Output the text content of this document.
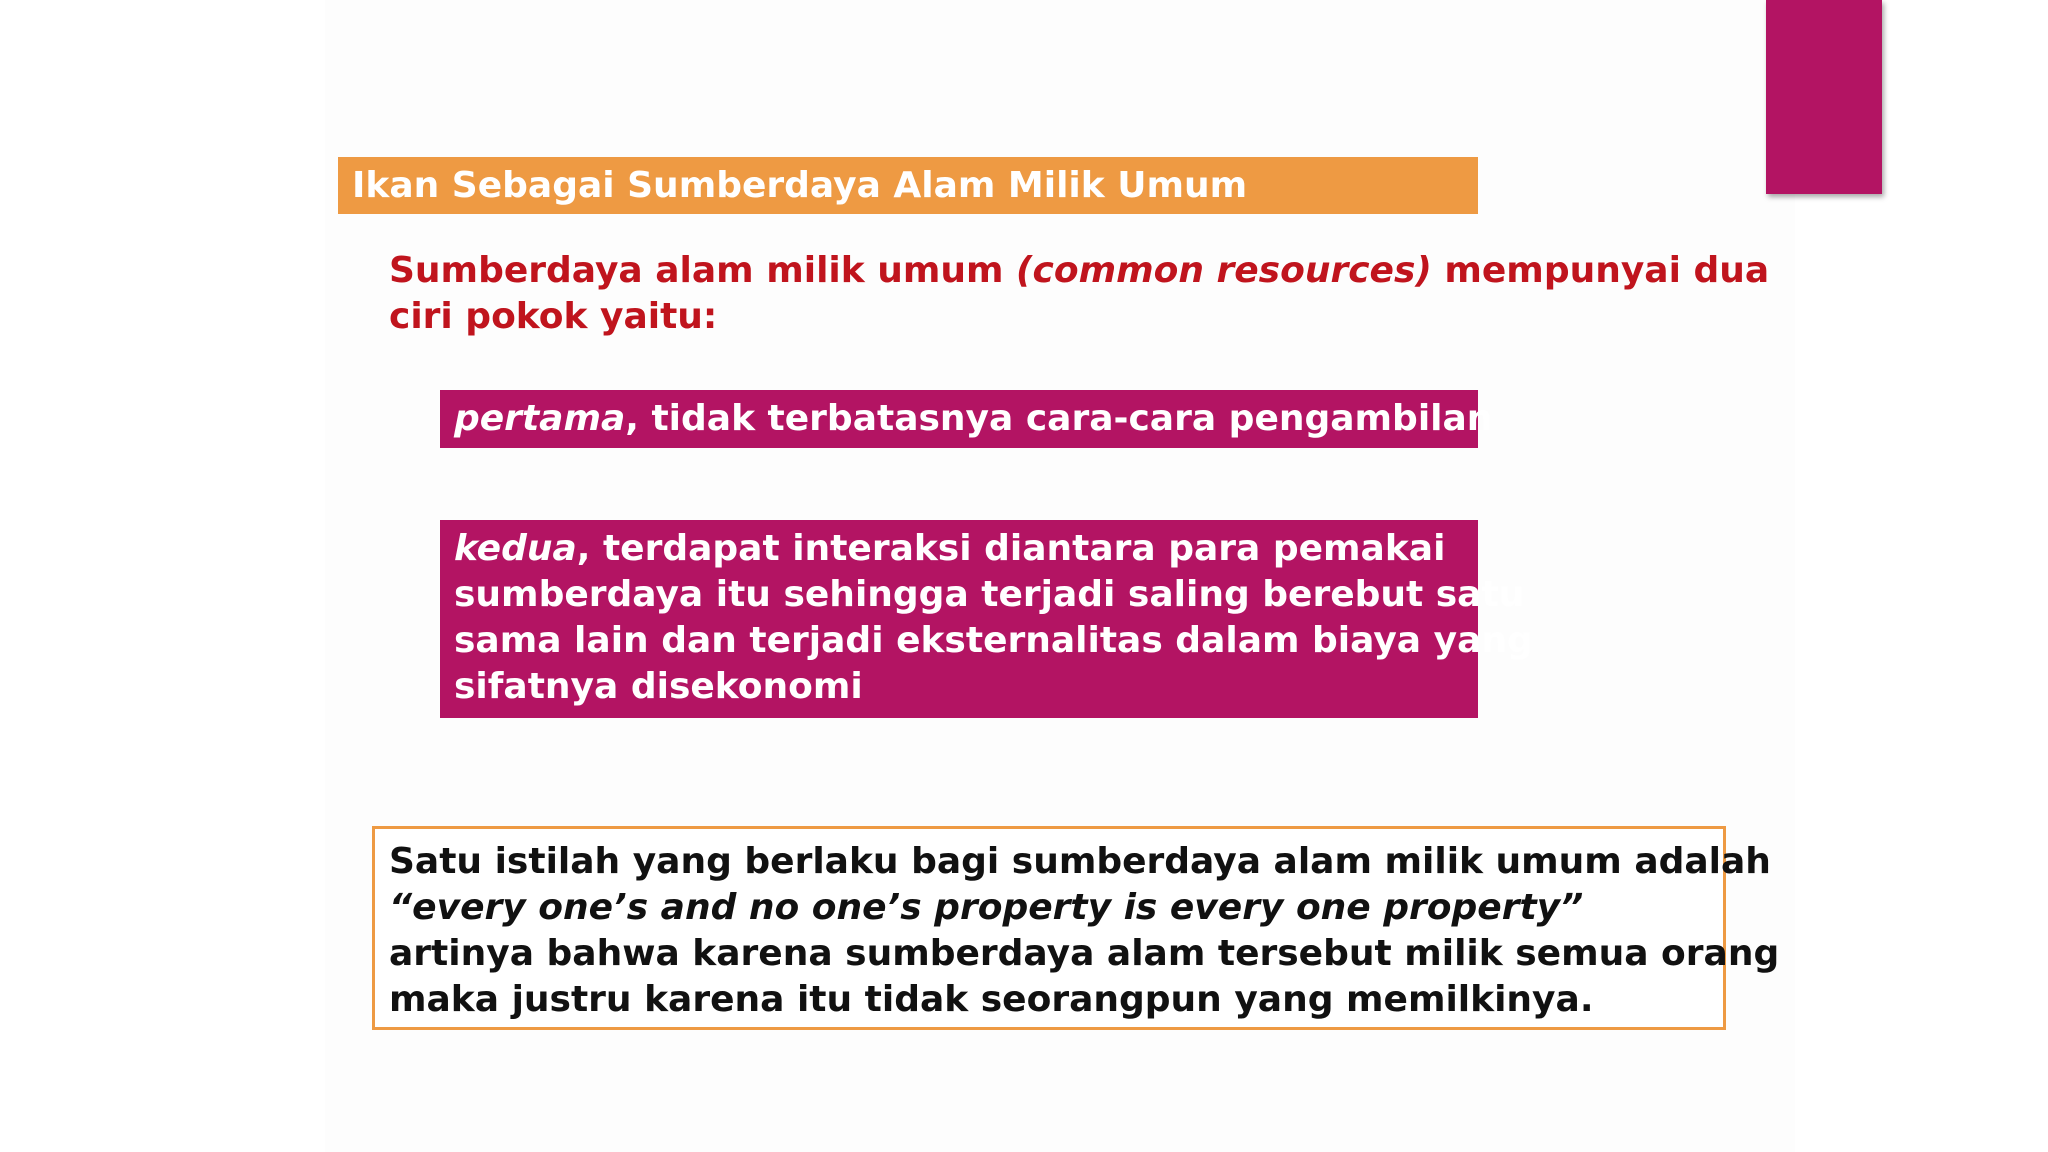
Ikan Sebagai Sumberdaya Alam Milik Umum
Sumberdaya alam milik umum (common resources) mempunyai dua
ciri pokok yaitu:
pertama, tidak terbatasnya cara-cara pengambilan
kedua, terdapat interaksi diantara para pemakai
sumberdaya itu sehingga terjadi saling berebut satu
sama lain dan terjadi eksternalitas dalam biaya yang
sifatnya disekonomi
Satu istilah yang berlaku bagi sumberdaya alam milik umum adalah
“every one’s and no one’s property is every one property”
artinya bahwa karena sumberdaya alam tersebut milik semua orang
maka justru karena itu tidak seorangpun yang memilkinya.
